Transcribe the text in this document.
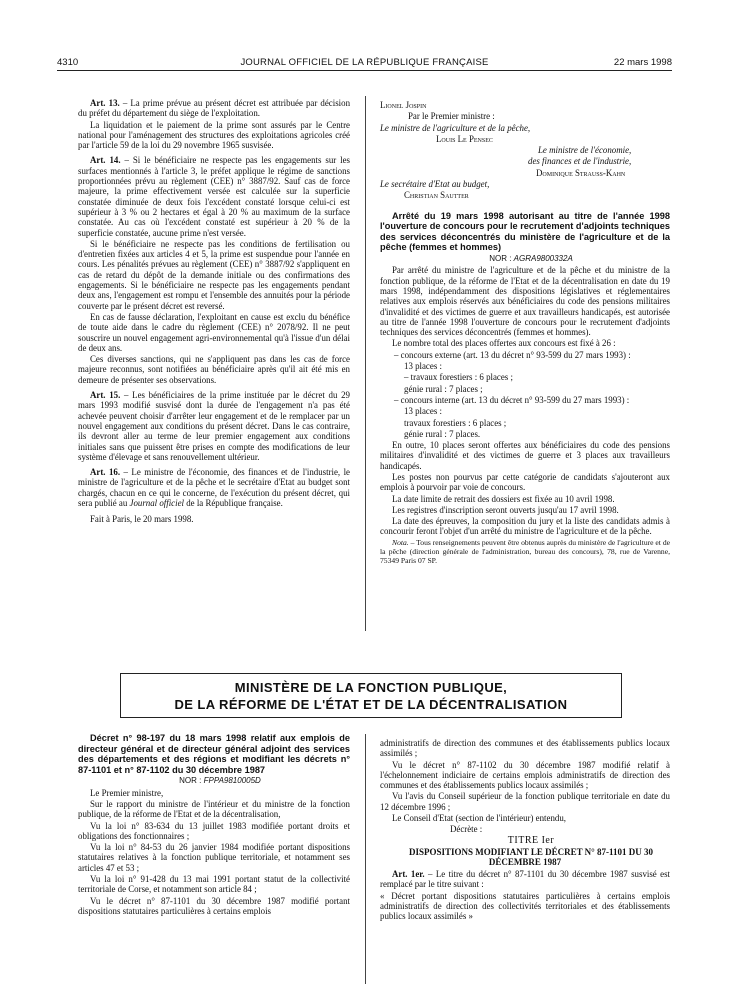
4310	JOURNAL OFFICIEL DE LA RÉPUBLIQUE FRANÇAISE	22 mars 1998

Art. 13. – La prime prévue au présent décret est attribuée par décision du préfet du département du siège de l'exploitation.

La liquidation et le paiement de la prime sont assurés par le Centre national pour l'aménagement des structures des exploitations agricoles créé par l'article 59 de la loi du 29 novembre 1965 susvisée.

Art. 14. – Si le bénéficiaire ne respecte pas les engagements sur les surfaces mentionnés à l'article 3, le préfet applique le régime de sanctions proportionnées prévu au règlement (CEE) n° 3887/92. Sauf cas de force majeure, la prime effectivement versée est calculée sur la superficie constatée diminuée de deux fois l'excédent constaté lorsque celui-ci est supérieur à 3 % ou 2 hectares et égal à 20 % au maximum de la surface constatée. Au cas où l'excédent constaté est supérieur à 20 % de la superficie constatée, aucune prime n'est versée.

Si le bénéficiaire ne respecte pas les conditions de fertilisation ou d'entretien fixées aux articles 4 et 5, la prime est suspendue pour l'année en cours. Les pénalités prévues au règlement (CEE) n° 3887/92 s'appliquent en cas de retard du dépôt de la demande initiale ou des confirmations des engagements. Si le bénéficiaire ne respecte pas les engagements pendant deux ans, l'engagement est rompu et l'ensemble des annuités pour la période couverte par le présent décret est reversé.

En cas de fausse déclaration, l'exploitant en cause est exclu du bénéfice de toute aide dans le cadre du règlement (CEE) n° 2078/92. Il ne peut souscrire un nouvel engagement agri-environnemental qu'à l'issue d'un délai de deux ans.

Ces diverses sanctions, qui ne s'appliquent pas dans les cas de force majeure reconnus, sont notifiées au bénéficiaire après qu'il ait été mis en demeure de présenter ses observations.

Art. 15. – Les bénéficiaires de la prime instituée par le décret du 29 mars 1993 modifié susvisé dont la durée de l'engagement n'a pas été achevée peuvent choisir d'arrêter leur engagement et de le remplacer par un nouvel engagement aux conditions du présent décret. Dans le cas contraire, ils devront aller au terme de leur premier engagement aux conditions initiales sans que puissent être prises en compte des modifications de leur système d'élevage et sans renouvellement ultérieur.

Art. 16. – Le ministre de l'économie, des finances et de l'industrie, le ministre de l'agriculture et de la pêche et le secrétaire d'Etat au budget sont chargés, chacun en ce qui le concerne, de l'exécution du présent décret, qui sera publié au Journal officiel de la République française.

Fait à Paris, le 20 mars 1998.

Lionel Jospin

Par le Premier ministre :

Le ministre de l'agriculture et de la pêche,

Louis Le Pensec

Le ministre de l'économie,

des finances et de l'industrie,

Dominique Strauss-Kahn

Le secrétaire d'Etat au budget,

Christian Sautter

Arrêté du 19 mars 1998 autorisant au titre de l'année 1998 l'ouverture de concours pour le recrutement d'adjoints techniques des services déconcentrés du ministère de l'agriculture et de la pêche (femmes et hommes)

NOR : AGRA9800332A

Par arrêté du ministre de l'agriculture et de la pêche et du ministre de la fonction publique, de la réforme de l'Etat et de la décentralisation en date du 19 mars 1998, indépendamment des dispositions législatives et réglementaires relatives aux emplois réservés aux bénéficiaires du code des pensions militaires d'invalidité et des victimes de guerre et aux travailleurs handicapés, est autorisée au titre de l'année 1998 l'ouverture de concours pour le recrutement d'adjoints techniques des services déconcentrés (femmes et hommes).

Le nombre total des places offertes aux concours est fixé à 26 :

– concours externe (art. 13 du décret n° 93-599 du 27 mars 1993) :

13 places :

– travaux forestiers : 6 places ;

génie rural : 7 places ;

– concours interne (art. 13 du décret n° 93-599 du 27 mars 1993) :

13 places :

travaux forestiers : 6 places ;

génie rural : 7 places.

En outre, 10 places seront offertes aux bénéficiaires du code des pensions militaires d'invalidité et des victimes de guerre et 3 places aux travailleurs handicapés.

Les postes non pourvus par cette catégorie de candidats s'ajouteront aux emplois à pourvoir par voie de concours.

La date limite de retrait des dossiers est fixée au 10 avril 1998.

Les registres d'inscription seront ouverts jusqu'au 17 avril 1998.

La date des épreuves, la composition du jury et la liste des candidats admis à concourir feront l'objet d'un arrêté du ministre de l'agriculture et de la pêche.

Nota. – Tous renseignements peuvent être obtenus auprès du ministère de l'agriculture et de la pêche (direction générale de l'administration, bureau des concours), 78, rue de Varenne, 75349 Paris 07 SP.

MINISTÈRE DE LA FONCTION PUBLIQUE,
DE LA RÉFORME DE L'ÉTAT ET DE LA DÉCENTRALISATION

Décret n° 98-197 du 18 mars 1998 relatif aux emplois de directeur général et de directeur général adjoint des services des départements et des régions et modifiant les décrets n° 87-1101 et n° 87-1102 du 30 décembre 1987

NOR : FPPA9810005D

Le Premier ministre,

Sur le rapport du ministre de l'intérieur et du ministre de la fonction publique, de la réforme de l'Etat et de la décentralisation,

Vu la loi n° 83-634 du 13 juillet 1983 modifiée portant droits et obligations des fonctionnaires ;

Vu la loi n° 84-53 du 26 janvier 1984 modifiée portant dispositions statutaires relatives à la fonction publique territoriale, et notamment ses articles 47 et 53 ;

Vu la loi n° 91-428 du 13 mai 1991 portant statut de la collectivité territoriale de Corse, et notamment son article 84 ;

Vu le décret n° 87-1101 du 30 décembre 1987 modifié portant dispositions statutaires particulières à certains emplois

administratifs de direction des communes et des établissements publics locaux assimilés ;

Vu le décret n° 87-1102 du 30 décembre 1987 modifié relatif à l'échelonnement indiciaire de certains emplois administratifs de direction des communes et des établissements publics locaux assimilés ;

Vu l'avis du Conseil supérieur de la fonction publique territoriale en date du 12 décembre 1996 ;

Le Conseil d'Etat (section de l'intérieur) entendu,

Décrète :

TITRE Ier

DISPOSITIONS MODIFIANT LE DÉCRET N° 87-1101 DU 30 DÉCEMBRE 1987

Art. 1er. – Le titre du décret n° 87-1101 du 30 décembre 1987 susvisé est remplacé par le titre suivant :

« Décret portant dispositions statutaires particulières à certains emplois administratifs de direction des collectivités territoriales et des établissements publics locaux assimilés »
